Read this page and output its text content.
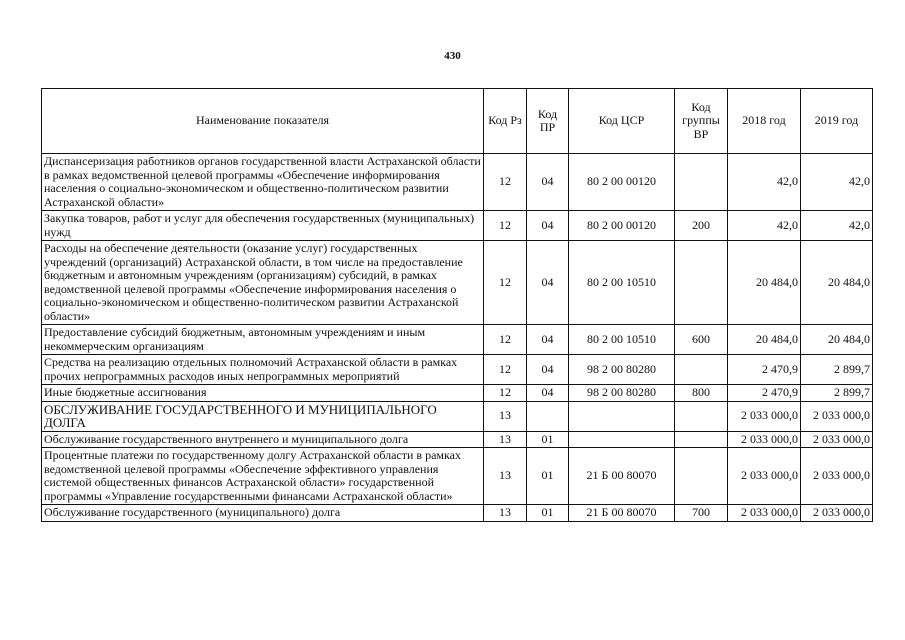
430
Наименование показателя	Код Рз	Код ПР	Код ЦСР	Код группы ВР	2018 год	2019 год
Диспансеризация работников органов государственной власти Астраханской области в рамках ведомственной целевой программы «Обеспечение информирования населения о социально-экономическом и общественно-политическом развитии Астраханской области»	12	04	80 2 00 00120		42,0	42,0
Закупка товаров, работ и услуг для обеспечения государственных (муниципальных) нужд	12	04	80 2 00 00120	200	42,0	42,0
Расходы на обеспечение деятельности (оказание услуг) государственных учреждений (организаций) Астраханской области, в том числе на предоставление бюджетным и автономным учреждениям (организациям) субсидий, в рамках ведомственной целевой программы «Обеспечение информирования населения о социально-экономическом и общественно-политическом развитии Астраханской области»	12	04	80 2 00 10510		20 484,0	20 484,0
Предоставление субсидий бюджетным, автономным учреждениям и иным некоммерческим организациям	12	04	80 2 00 10510	600	20 484,0	20 484,0
Средства на реализацию отдельных полномочий Астраханской области в рамках прочих непрограммных расходов иных непрограммных мероприятий	12	04	98 2 00 80280		2 470,9	2 899,7
Иные бюджетные ассигнования	12	04	98 2 00 80280	800	2 470,9	2 899,7
ОБСЛУЖИВАНИЕ ГОСУДАРСТВЕННОГО И МУНИЦИПАЛЬНОГО ДОЛГА	13				2 033 000,0	2 033 000,0
Обслуживание государственного внутреннего и муниципального долга	13	01			2 033 000,0	2 033 000,0
Процентные платежи по государственному долгу Астраханской области в рамках ведомственной целевой программы «Обеспечение эффективного управления системой общественных финансов Астраханской области» государственной программы «Управление государственными финансами Астраханской области»	13	01	21 Б 00 80070		2 033 000,0	2 033 000,0
Обслуживание государственного (муниципального) долга	13	01	21 Б 00 80070	700	2 033 000,0	2 033 000,0
